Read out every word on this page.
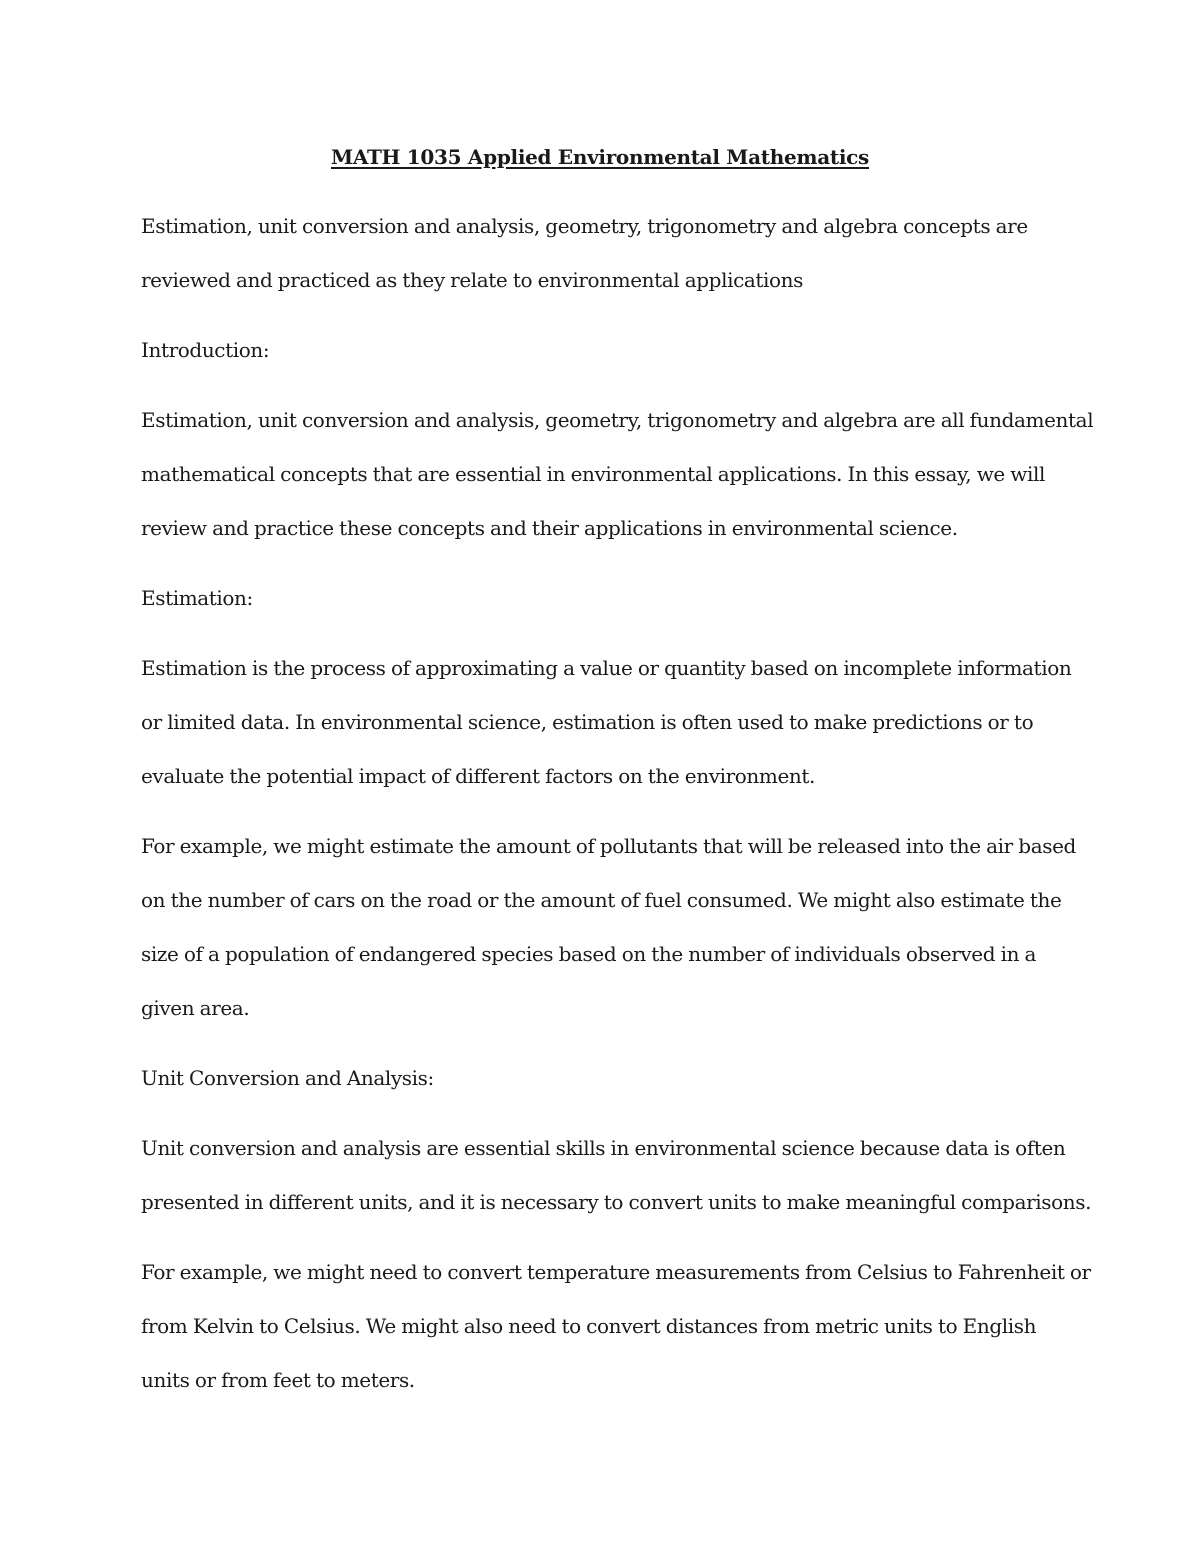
MATH 1035 Applied Environmental Mathematics

Estimation, unit conversion and analysis, geometry, trigonometry and algebra concepts are
reviewed and practiced as they relate to environmental applications

Introduction:

Estimation, unit conversion and analysis, geometry, trigonometry and algebra are all fundamental
mathematical concepts that are essential in environmental applications. In this essay, we will
review and practice these concepts and their applications in environmental science.

Estimation:

Estimation is the process of approximating a value or quantity based on incomplete information
or limited data. In environmental science, estimation is often used to make predictions or to
evaluate the potential impact of different factors on the environment.

For example, we might estimate the amount of pollutants that will be released into the air based
on the number of cars on the road or the amount of fuel consumed. We might also estimate the
size of a population of endangered species based on the number of individuals observed in a
given area.

Unit Conversion and Analysis:

Unit conversion and analysis are essential skills in environmental science because data is often
presented in different units, and it is necessary to convert units to make meaningful comparisons.

For example, we might need to convert temperature measurements from Celsius to Fahrenheit or
from Kelvin to Celsius. We might also need to convert distances from metric units to English
units or from feet to meters.
